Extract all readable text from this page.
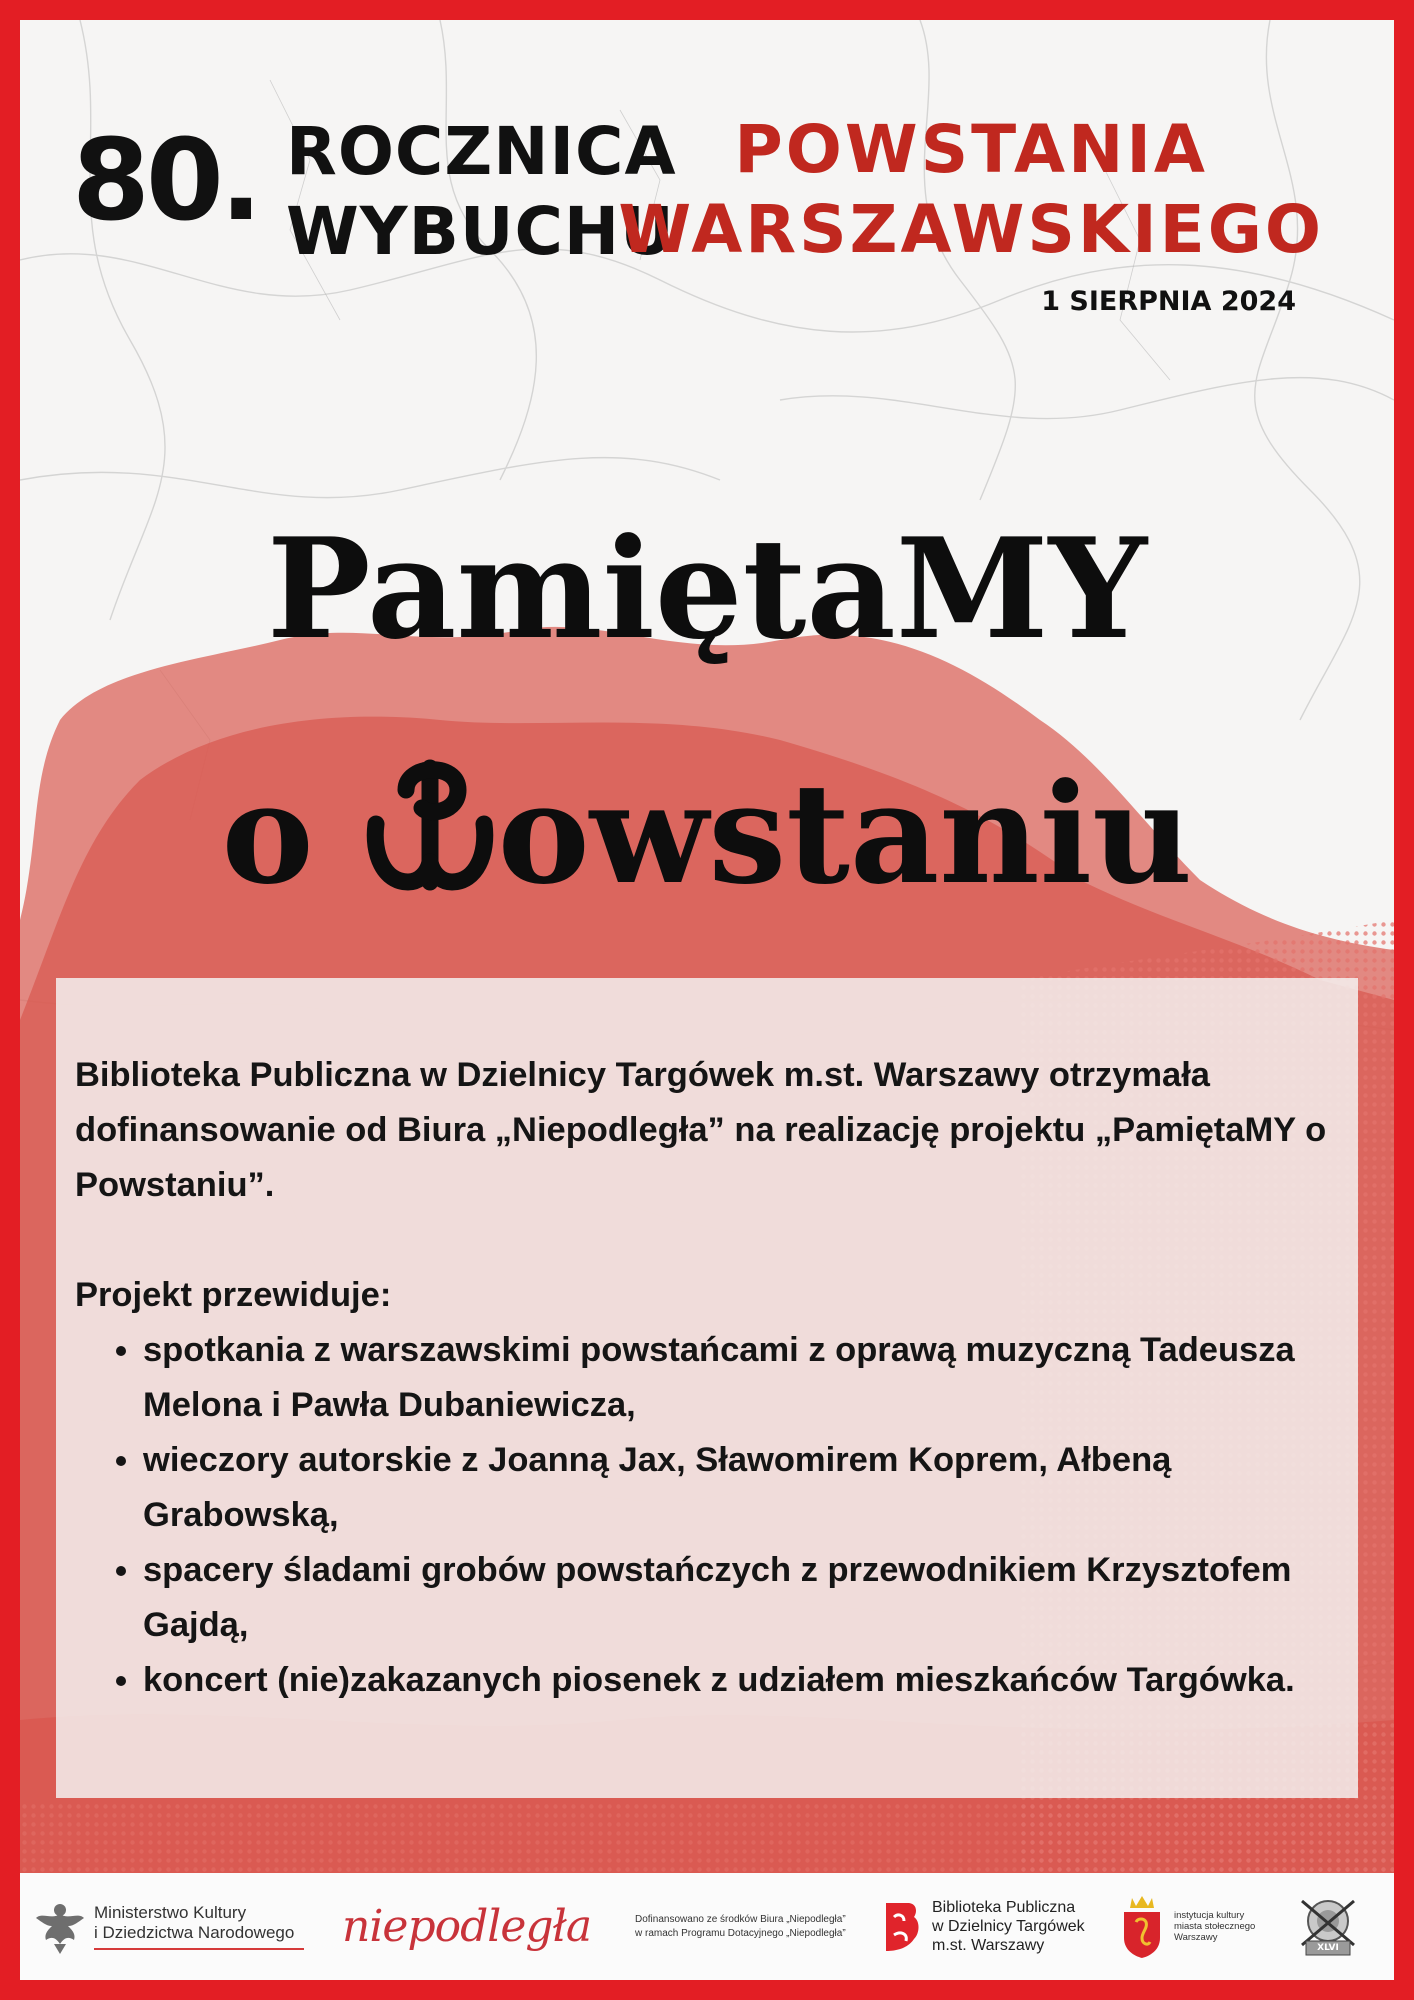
80. ROCZNICA
WYBUCHU
POWSTANIA
WARSZAWSKIEGO
1 SIERPNIA 2024
PamiętaMY
o owstaniu

Biblioteka Publiczna w Dzielnicy Targówek m.st. Warszawy otrzymała dofinansowanie od Biura „Niepodległa” na realizację projektu „PamiętaMY o Powstaniu”.

Projekt przewiduje:

• spotkania z warszawskimi powstańcami z oprawą muzyczną Tadeusza Melona i Pawła Dubaniewicza,
• wieczory autorskie z Joanną Jax, Sławomirem Koprem, Ałbeną Grabowską,
• spacery śladami grobów powstańczych z przewodnikiem Krzysztofem Gajdą,
• koncert (nie)zakazanych piosenek z udziałem mieszkańców Targówka.
Ministerstwo Kultury
i Dziedzictwa Narodowego niepodległa	Dofinansowano ze środków Biura „Niepodległa”
w ramach Programu Dotacyjnego „Niepodległa”
Biblioteka Publiczna
w Dzielnicy Targówek
m.st. Warszawy
instytucja kultury
miasta stołecznego
Warszawy
XLVI
